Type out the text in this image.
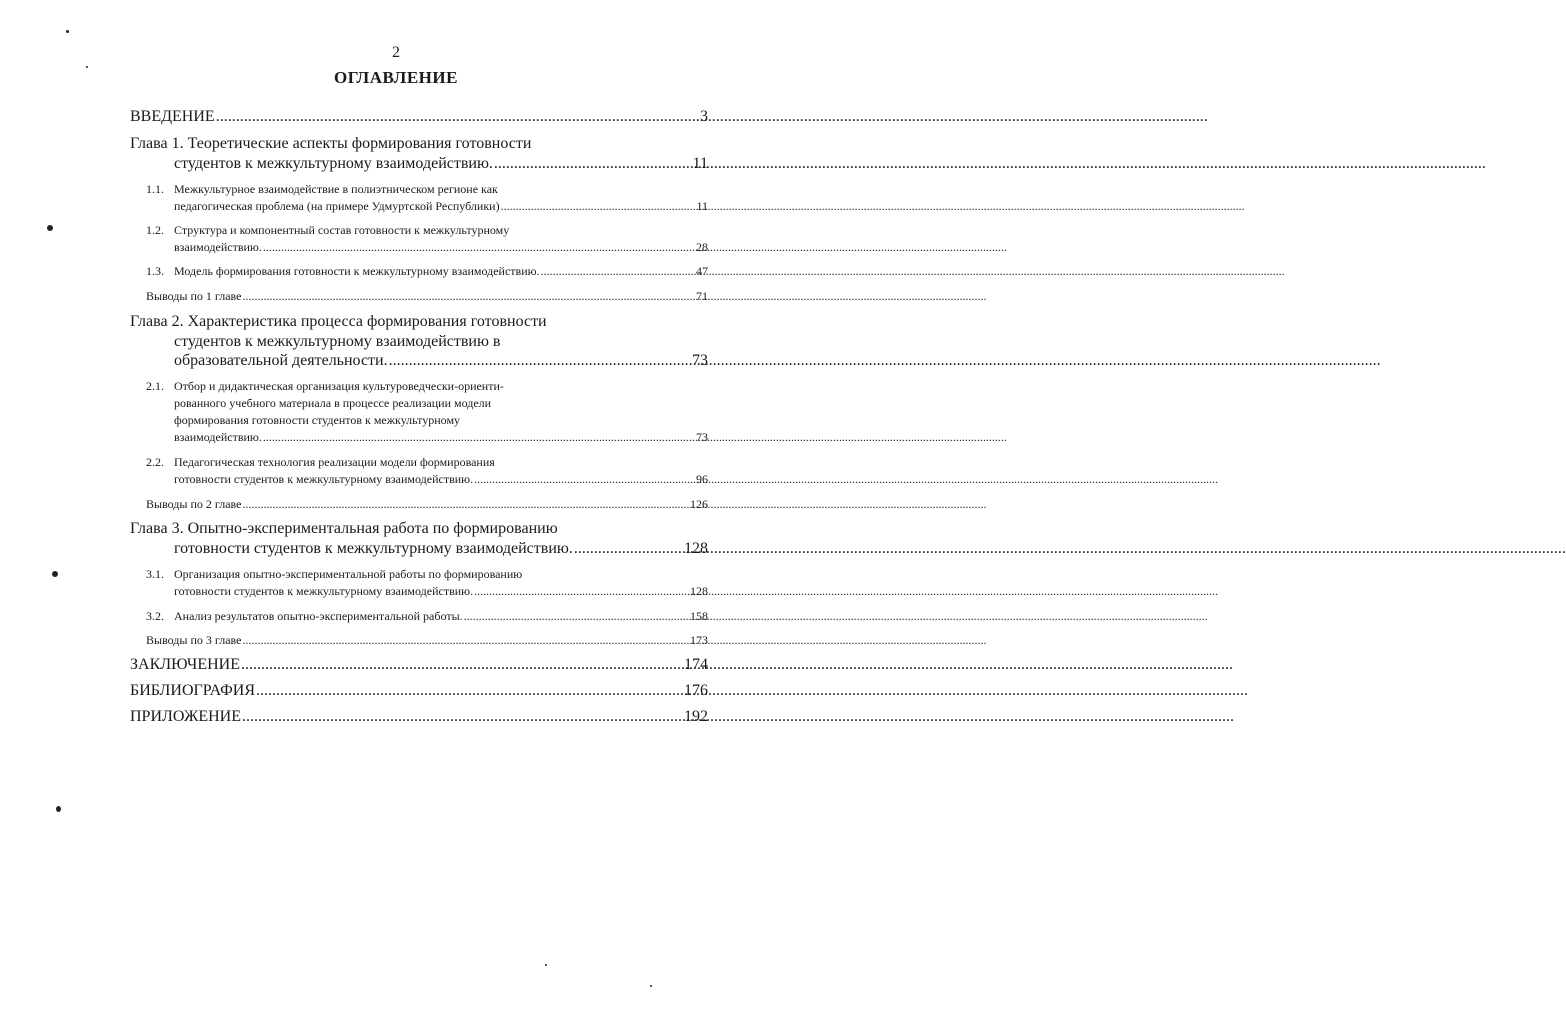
2
ОГЛАВЛЕНИЕ
ВВЕДЕНИЕ .....	3
Глава 1. Теоретические аспекты формирования готовности
студентов к межкультурному взаимодействию. .....	11
1.1. Межкультурное взаимодействие в полиэтническом регионе как
педагогическая проблема (на примере Удмуртской Республики) .....	11
1.2. Структура и компонентный состав готовности к межкультурному
взаимодействию. .....	28
1.3. Модель формирования готовности к межкультурному взаимодействию. .....	47
Выводы по 1 главе .....	71
Глава 2. Характеристика процесса формирования готовности
студентов к межкультурному взаимодействию в
образовательной деятельности. .....	73
2.1. Отбор и дидактическая организация культуроведчески-ориенти-
рованного учебного материала в процессе реализации модели
формирования готовности студентов к межкультурному
взаимодействию. .....	73
2.2. Педагогическая технология реализации модели формирования
готовности студентов к межкультурному взаимодействию. .....	96
Выводы по 2 главе .....	126
Глава 3. Опытно-экспериментальная работа по формированию
готовности студентов к межкультурному взаимодействию. .....	128
3.1. Организация опытно-экспериментальной работы по формированию
готовности студентов к межкультурному взаимодействию. .....	128
3.2. Анализ результатов опытно-экспериментальной работы. .....	158
Выводы по 3 главе .....	173
ЗАКЛЮЧЕНИЕ .....	174
БИБЛИОГРАФИЯ .....	176
ПРИЛОЖЕНИЕ .....	192
